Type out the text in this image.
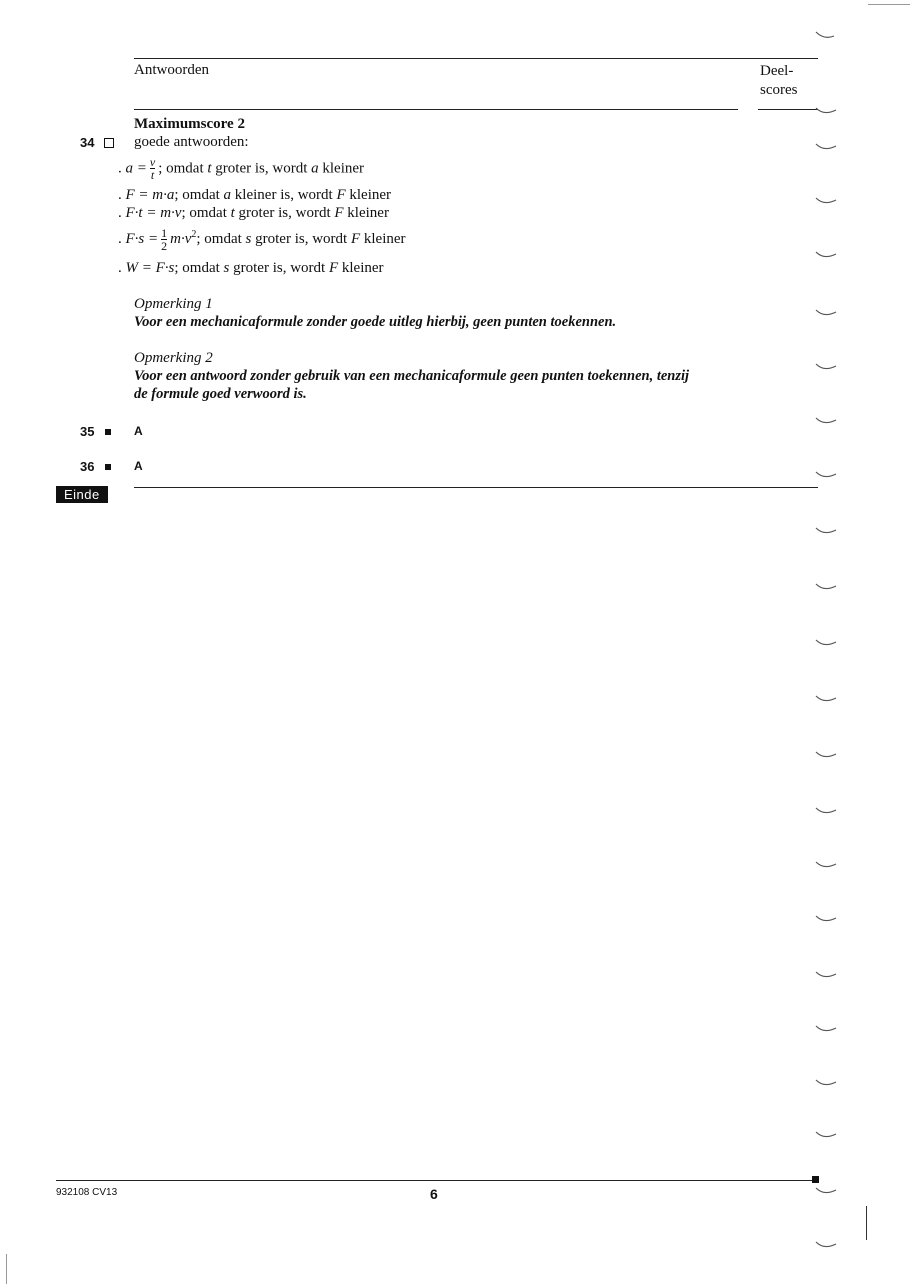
Antwoorden	Deel-
scores
Maximumscore 2
34	goede antwoorden:
. $a = \frac{v}{t}$ ; omdat t groter is, wordt a kleiner
. F = m·a; omdat a kleiner is, wordt F kleiner
. F·t = m·v; omdat t groter is, wordt F kleiner
. $F\cdot s = \frac{1}{2} m\cdot v^2$; omdat s groter is, wordt F kleiner
. W = F·s; omdat s groter is, wordt F kleiner
Opmerking 1
Voor een mechanicaformule zonder goede uitleg hierbij, geen punten toekennen.
Opmerking 2
Voor een antwoord zonder gebruik van een mechanicaformule geen punten toekennen, tenzij
de formule goed verwoord is.
35	A
36	A
Einde
932108 CV13	6
